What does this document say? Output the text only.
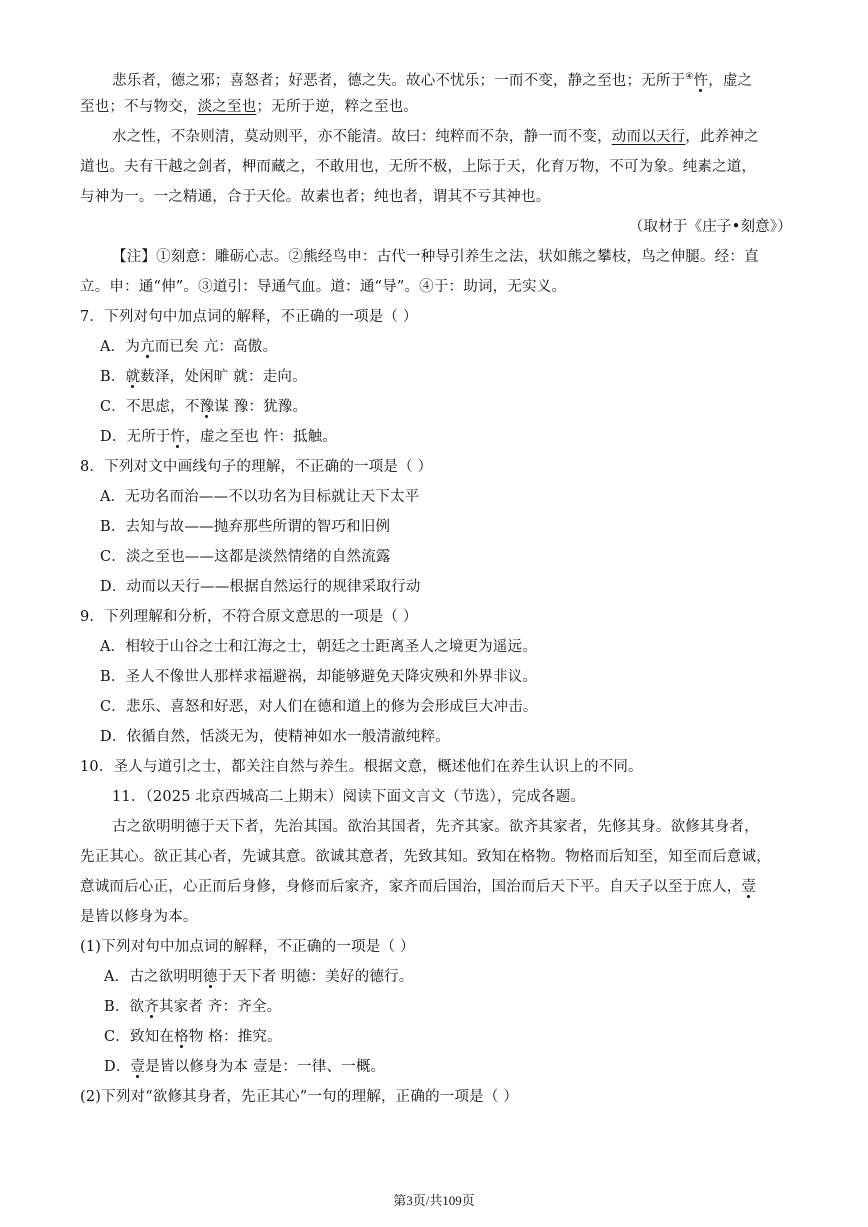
悲乐者，德之邪；喜怒者；好恶者，德之失。故心不忧乐；一而不变，静之至也；无所于④忤，虚之
至也；不与物交，淡之至也；无所于逆，粹之至也。
水之性，不杂则清，莫动则平，亦不能清。故曰：纯粹而不杂，静一而不变，动而以天行，此养神之
道也。夫有干越之剑者，柙而藏之，不敢用也，无所不极，上际于天，化育万物，不可为象。纯素之道，
与神为一。一之精通，合于天伦。故素也者；纯也者，谓其不亏其神也。
（取材于《庄子•刻意》）
【注】①刻意：雕砺心志。②熊经鸟申：古代一种导引养生之法，状如熊之攀枝，鸟之伸腿。经：直
立。申：通“伸”。③道引：导通气血。道：通“导”。④于：助词，无实义。
7．下列对句中加点词的解释，不正确的一项是（ ）
A．为亢而已矣 亢：高傲。
B．就薮泽，处闲旷 就：走向。
C．不思虑，不豫谋 豫：犹豫。
D．无所于忤，虚之至也 忤：抵触。
8．下列对文中画线句子的理解，不正确的一项是（ ）
A．无功名而治——不以功名为目标就让天下太平
B．去知与故——抛弃那些所谓的智巧和旧例
C．淡之至也——这都是淡然情绪的自然流露
D．动而以天行——根据自然运行的规律采取行动
9．下列理解和分析，不符合原文意思的一项是（ ）
A．相较于山谷之士和江海之士，朝廷之士距离圣人之境更为遥远。
B．圣人不像世人那样求福避祸，却能够避免天降灾殃和外界非议。
C．悲乐、喜怒和好恶，对人们在德和道上的修为会形成巨大冲击。
D．依循自然，恬淡无为，使精神如水一般清澈纯粹。
10．圣人与道引之士，都关注自然与养生。根据文意，概述他们在养生认识上的不同。
11．（2025 北京西城高二上期末）阅读下面文言文（节选），完成各题。
古之欲明明德于天下者，先治其国。欲治其国者，先齐其家。欲齐其家者，先修其身。欲修其身者，
先正其心。欲正其心者，先诚其意。欲诚其意者，先致其知。致知在格物。物格而后知至，知至而后意诚，
意诚而后心正，心正而后身修，身修而后家齐，家齐而后国治，国治而后天下平。自天子以至于庶人，壹
是皆以修身为本。
(1)下列对句中加点词的解释，不正确的一项是（ ）
A．古之欲明明德于天下者 明德：美好的德行。
B．欲齐其家者 齐：齐全。
C．致知在格物 格：推究。
D．壹是皆以修身为本 壹是：一律、一概。
(2)下列对“欲修其身者，先正其心”一句的理解，正确的一项是（ ）
第3页/共109页
